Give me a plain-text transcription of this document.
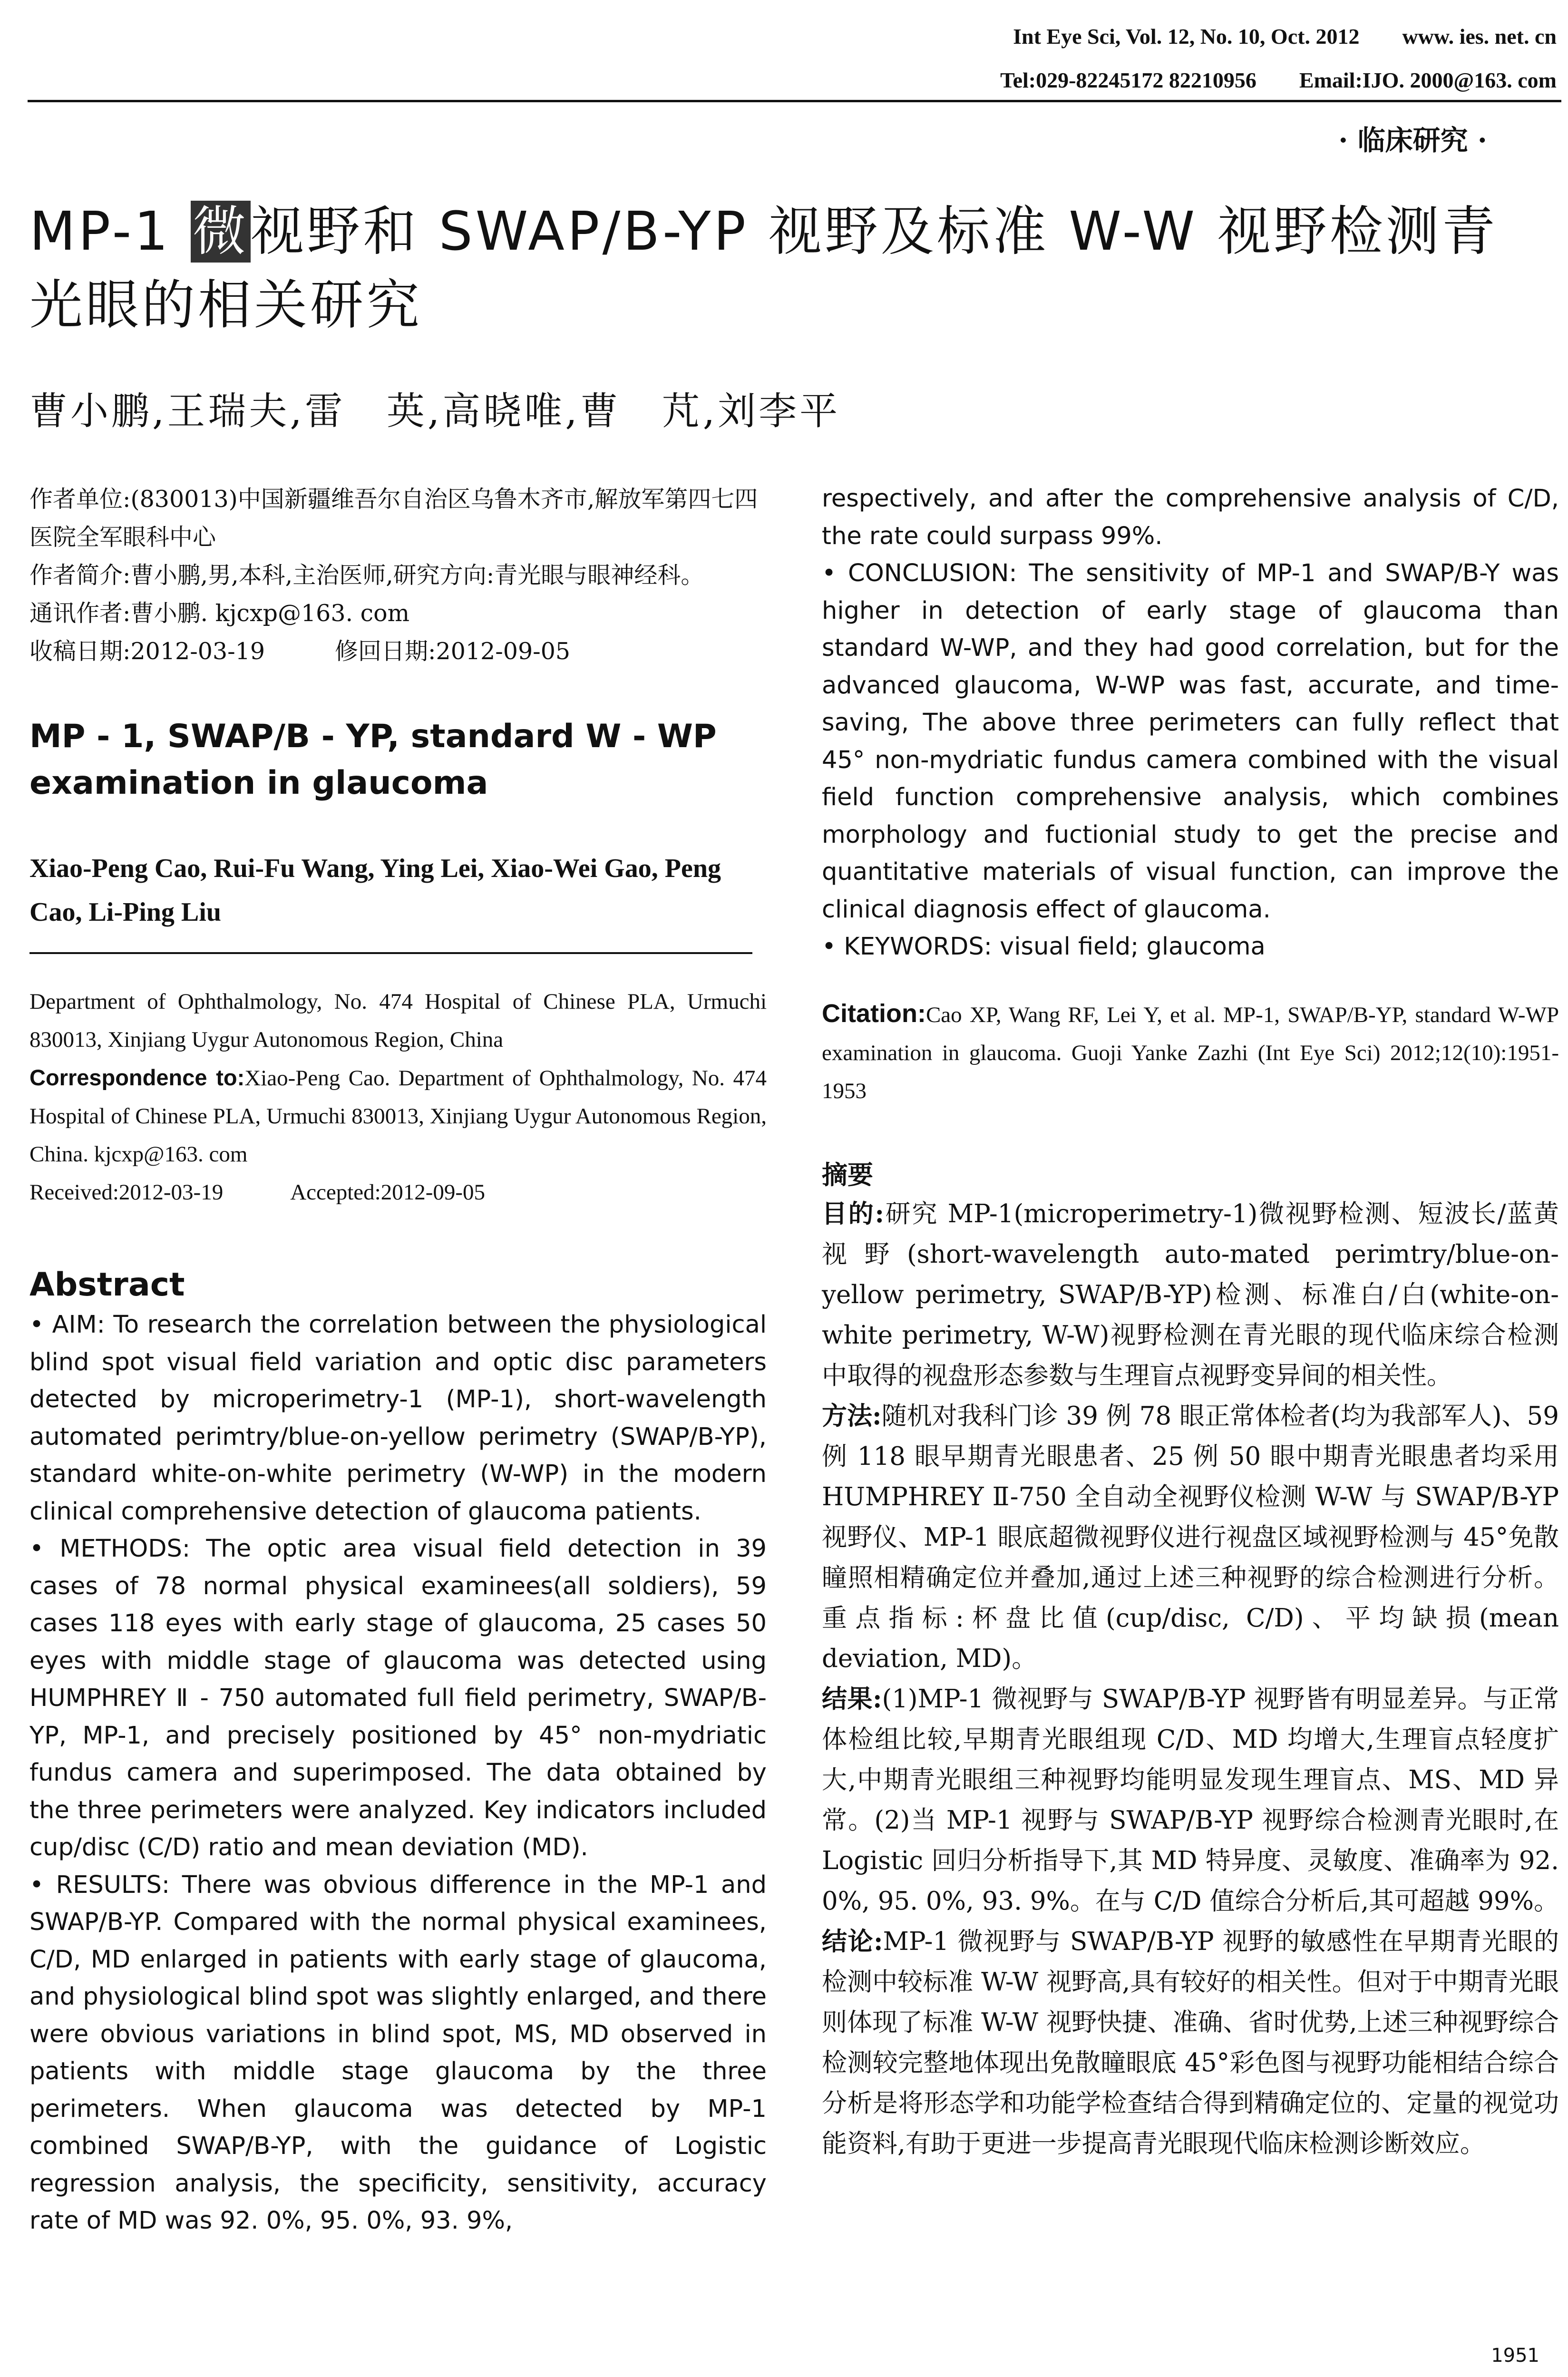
Int Eye Sci, Vol. 12, No. 10, Oct. 2012 www. ies. net. cn
Tel:029-82245172 82210956 Email:IJO. 2000@163. com
· 临床研究 ·
MP-1 微视野和 SWAP/B-YP 视野及标准 W-W 视野检测青光眼的相关研究
曹小鹏,王瑞夫,雷　英,高晓唯,曹　芃,刘李平
作者单位:(830013)中国新疆维吾尔自治区乌鲁木齐市,解放军第四七四医院全军眼科中心
作者简介:曹小鹏,男,本科,主治医师,研究方向:青光眼与眼神经科。
通讯作者:曹小鹏. kjcxp@163. com
收稿日期:2012-03-19　　　修回日期:2012-09-05
MP - 1, SWAP/B - YP, standard W - WP examination in glaucoma
Xiao-Peng Cao, Rui-Fu Wang, Ying Lei, Xiao-Wei Gao, Peng Cao, Li-Ping Liu
Department of Ophthalmology, No. 474 Hospital of Chinese PLA, Urmuchi 830013, Xinjiang Uygur Autonomous Region, China
Correspondence to:Xiao-Peng Cao. Department of Ophthalmology, No. 474 Hospital of Chinese PLA, Urmuchi 830013, Xinjiang Uygur Autonomous Region, China. kjcxp@163. com
Received:2012-03-19　　　Accepted:2012-09-05
Abstract

• AIM: To research the correlation between the physiological blind spot visual field variation and optic disc parameters detected by microperimetry-1 (MP-1), short-wavelength automated perimtry/blue-on-yellow perimetry (SWAP/B-YP), standard white-on-white perimetry (W-WP) in the modern clinical comprehensive detection of glaucoma patients.

• METHODS: The optic area visual field detection in 39 cases of 78 normal physical examinees(all soldiers), 59 cases 118 eyes with early stage of glaucoma, 25 cases 50 eyes with middle stage of glaucoma was detected using HUMPHREY Ⅱ - 750 automated full field perimetry, SWAP/B-YP, MP-1, and precisely positioned by 45° non-mydriatic fundus camera and superimposed. The data obtained by the three perimeters were analyzed. Key indicators included cup/disc (C/D) ratio and mean deviation (MD).

• RESULTS: There was obvious difference in the MP-1 and SWAP/B-YP. Compared with the normal physical examinees, C/D, MD enlarged in patients with early stage of glaucoma, and physiological blind spot was slightly enlarged, and there were obvious variations in blind spot, MS, MD observed in patients with middle stage glaucoma by the three perimeters. When glaucoma was detected by MP-1 combined SWAP/B-YP, with the guidance of Logistic regression analysis, the specificity, sensitivity, accuracy rate of MD was 92. 0%, 95. 0%, 93. 9%,

respectively, and after the comprehensive analysis of C/D, the rate could surpass 99%.

• CONCLUSION: The sensitivity of MP-1 and SWAP/B-Y was higher in detection of early stage of glaucoma than standard W-WP, and they had good correlation, but for the advanced glaucoma, W-WP was fast, accurate, and time-saving, The above three perimeters can fully reflect that 45° non-mydriatic fundus camera combined with the visual field function comprehensive analysis, which combines morphology and fuctionial study to get the precise and quantitative materials of visual function, can improve the clinical diagnosis effect of glaucoma.

• KEYWORDS: visual field; glaucoma

Citation:Cao XP, Wang RF, Lei Y, et al. MP-1, SWAP/B-YP, standard W-WP examination in glaucoma. Guoji Yanke Zazhi (Int Eye Sci) 2012;12(10):1951-1953
摘要

目的:研究 MP-1(microperimetry-1)微视野检测、短波长/蓝黄视野(short-wavelength auto-mated perimtry/blue-on-yellow perimetry, SWAP/B-YP)检测、标准白/白(white-on-white perimetry, W-W)视野检测在青光眼的现代临床综合检测中取得的视盘形态参数与生理盲点视野变异间的相关性。

方法:随机对我科门诊 39 例 78 眼正常体检者(均为我部军人)、59 例 118 眼早期青光眼患者、25 例 50 眼中期青光眼患者均采用 HUMPHREY Ⅱ-750 全自动全视野仪检测 W-W 与 SWAP/B-YP 视野仪、MP-1 眼底超微视野仪进行视盘区域视野检测与 45°免散瞳照相精确定位并叠加,通过上述三种视野的综合检测进行分析。重点指标:杯盘比值(cup/disc, C/D)、平均缺损(mean deviation, MD)。

结果:(1)MP-1 微视野与 SWAP/B-YP 视野皆有明显差异。与正常体检组比较,早期青光眼组现 C/D、MD 均增大,生理盲点轻度扩大,中期青光眼组三种视野均能明显发现生理盲点、MS、MD 异常。(2)当 MP-1 视野与 SWAP/B-YP 视野综合检测青光眼时,在 Logistic 回归分析指导下,其 MD 特异度、灵敏度、准确率为 92. 0%, 95. 0%, 93. 9%。在与 C/D 值综合分析后,其可超越 99%。

结论:MP-1 微视野与 SWAP/B-YP 视野的敏感性在早期青光眼的检测中较标准 W-W 视野高,具有较好的相关性。但对于中期青光眼则体现了标准 W-W 视野快捷、准确、省时优势,上述三种视野综合检测较完整地体现出免散瞳眼底 45°彩色图与视野功能相结合综合分析是将形态学和功能学检查结合得到精确定位的、定量的视觉功能资料,有助于更进一步提高青光眼现代临床检测诊断效应。

1951
